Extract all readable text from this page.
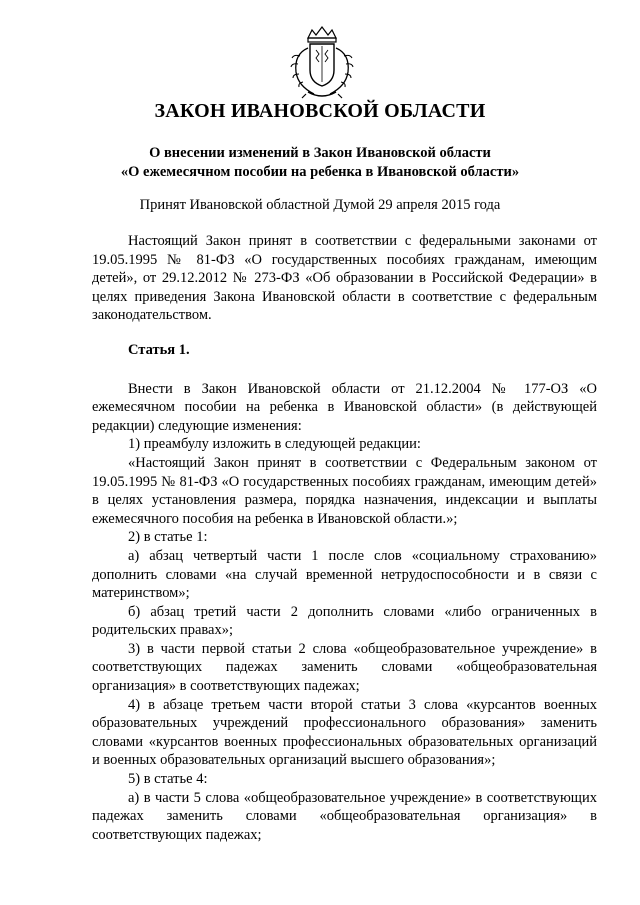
ЗАКОН ИВАНОВСКОЙ ОБЛАСТИ
О внесении изменений в Закон Ивановской области
«О ежемесячном пособии на ребенка в Ивановской области»
Принят Ивановской областной Думой 29 апреля 2015 года

Настоящий Закон принят в соответствии с федеральными законами от 19.05.1995 № 81-ФЗ «О государственных пособиях гражданам, имеющим детей», от 29.12.2012 № 273-ФЗ «Об образовании в Российской Федерации» в целях приведения Закона Ивановской области в соответствие с федеральным законодательством.

Статья 1.

Внести в Закон Ивановской области от 21.12.2004 № 177-ОЗ «О ежемесячном пособии на ребенка в Ивановской области» (в действующей редакции) следующие изменения:

1) преамбулу изложить в следующей редакции:

«Настоящий Закон принят в соответствии с Федеральным законом от 19.05.1995 № 81-ФЗ «О государственных пособиях гражданам, имеющим детей» в целях установления размера, порядка назначения, индексации и выплаты ежемесячного пособия на ребенка в Ивановской области.»;

2) в статье 1:

а) абзац четвертый части 1 после слов «социальному страхованию» дополнить словами «на случай временной нетрудоспособности и в связи с материнством»;

б) абзац третий части 2 дополнить словами «либо ограниченных в родительских правах»;

3) в части первой статьи 2 слова «общеобразовательное учреждение» в соответствующих падежах заменить словами «общеобразовательная организация» в соответствующих падежах;

4) в абзаце третьем части второй статьи 3 слова «курсантов военных образовательных учреждений профессионального образования» заменить словами «курсантов военных профессиональных образовательных организаций и военных образовательных организаций высшего образования»;

5) в статье 4:

а) в части 5 слова «общеобразовательное учреждение» в соответствующих падежах заменить словами «общеобразовательная организация» в соответствующих падежах;
